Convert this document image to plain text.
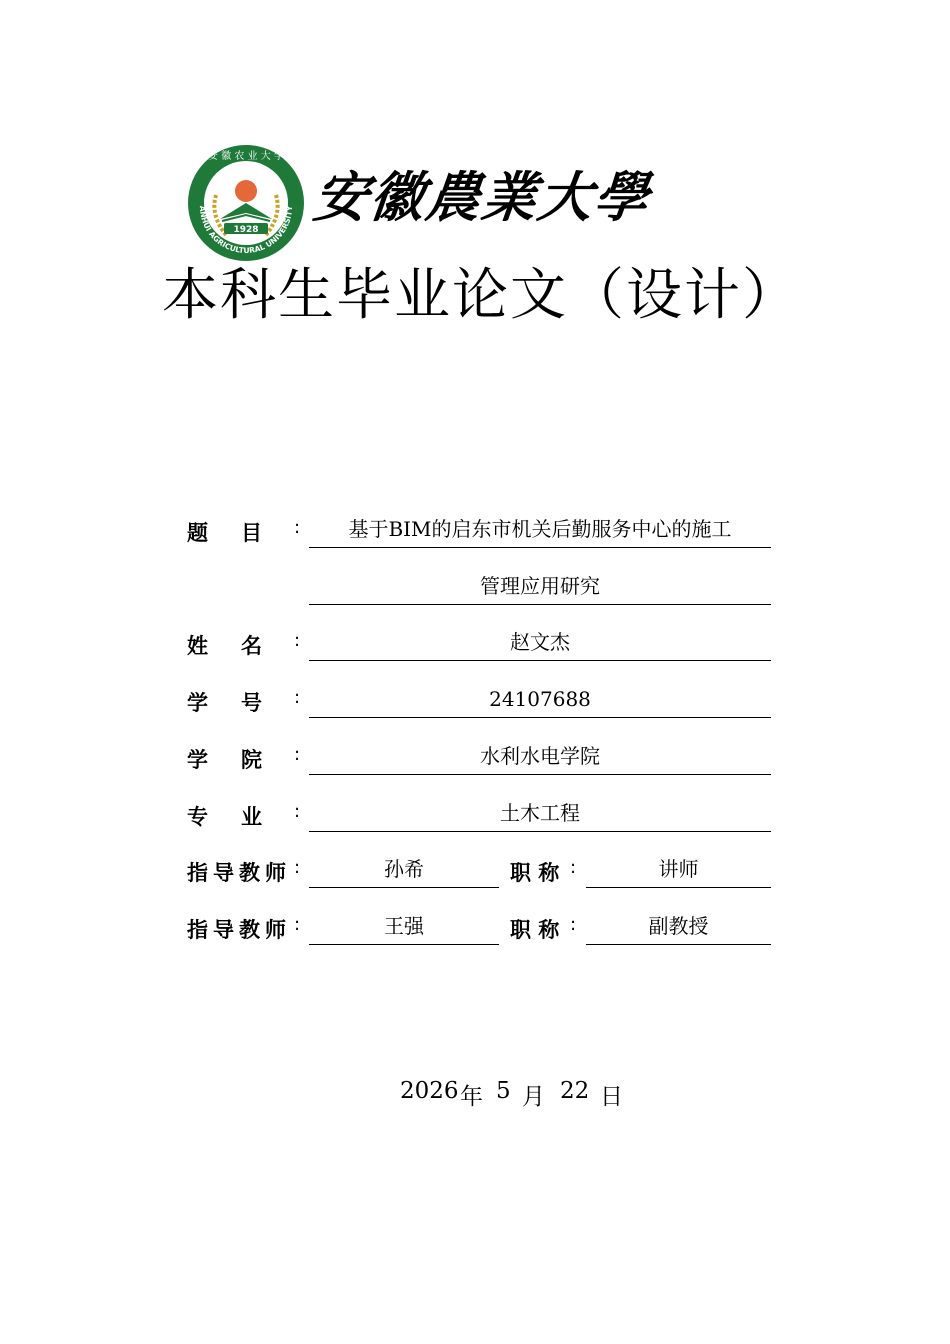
ANHUI AGRICULTURAL UNIVERSITY
安 徽 农 业 大 学
1928
安徽農業大學
本科生毕业论文（设计）
题 目 :	基于BIM的启东市机关后勤服务中心的施工
管理应用研究
姓 名 :	赵文杰
学 号 :	24107688
学 院 :	水利水电学院
专 业 :	土木工程
指导教师 :	孙希	职 称 :	讲师
指导教师 :	王强	职 称 :	副教授
2026 年 5 月 22 日
